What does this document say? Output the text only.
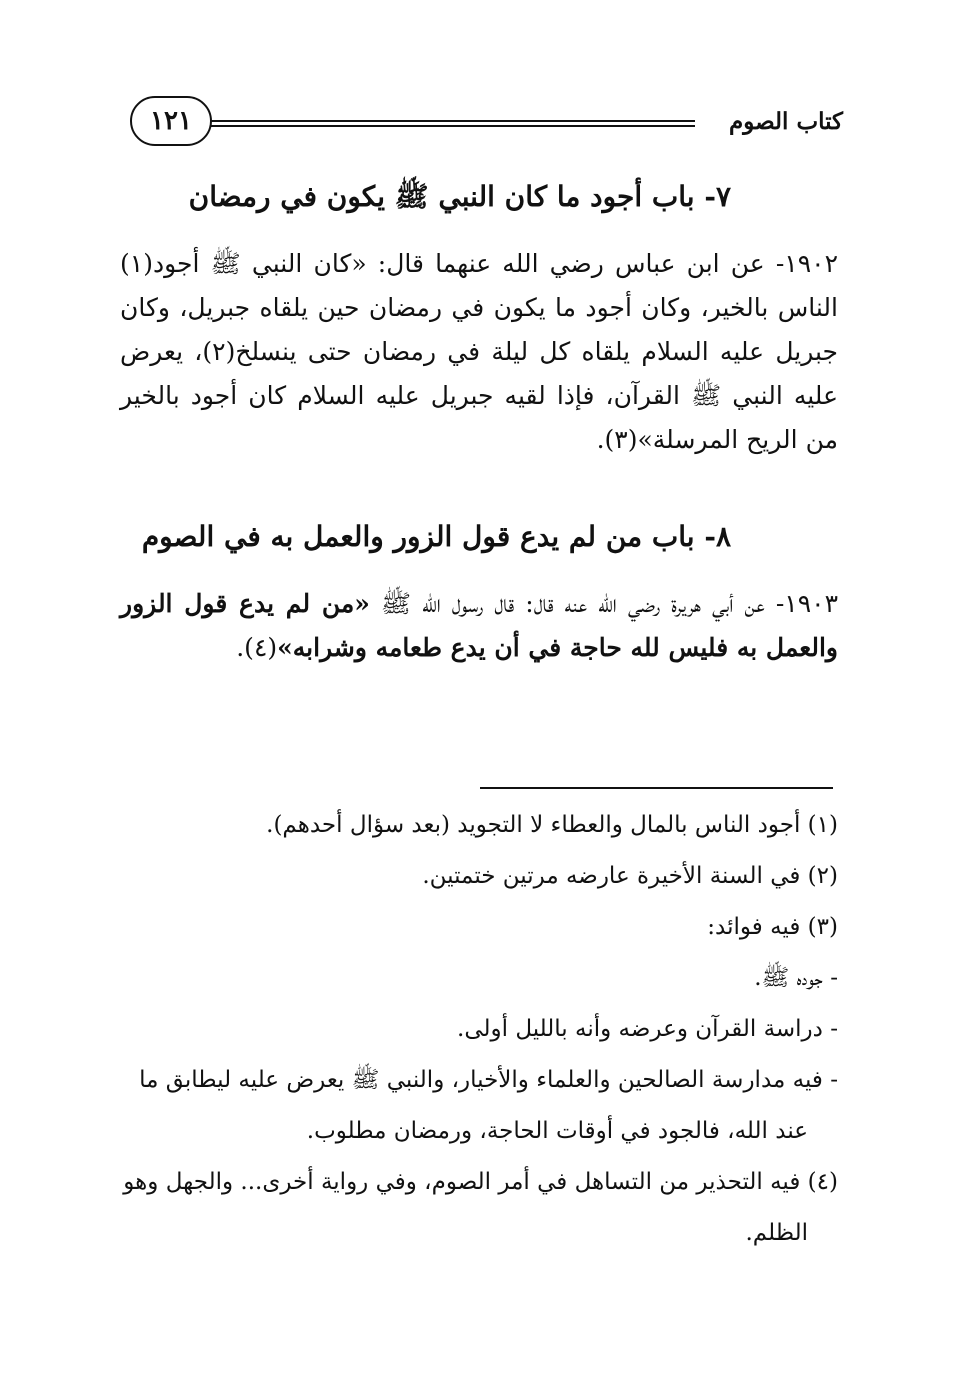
كتاب الصوم
١٢١
٧- باب أجود ما كان النبي ﷺ يكون في رمضان

١٩٠٢- عن ابن عباس رضي الله عنهما قال: «كان النبي ﷺ أجود(١) الناس بالخير، وكان أجود ما يكون في رمضان حين يلقاه جبريل، وكان جبريل عليه السلام يلقاه كل ليلة في رمضان حتى ينسلخ(٢)، يعرض عليه النبي ﷺ القرآن، فإذا لقيه جبريل عليه السلام كان أجود بالخير من الريح المرسلة»(٣).

٨- باب من لم يدع قول الزور والعمل به في الصوم

١٩٠٣- عن أبي هريرة رضي الله عنه قال: قال رسول الله ﷺ «من لم يدع قول الزور والعمل به فليس لله حاجة في أن يدع طعامه وشرابه»(٤).

(١) أجود الناس بالمال والعطاء لا التجويد (بعد سؤال أحدهم).

(٢) في السنة الأخيرة عارضه مرتين ختمتين.

(٣) فيه فوائد:

- جوده ﷺ.

- دراسة القرآن وعرضه وأنه بالليل أولى.

- فيه مدارسة الصالحين والعلماء والأخيار، والنبي ﷺ يعرض عليه ليطابق ما عند الله، فالجود في أوقات الحاجة، ورمضان مطلوب.

(٤) فيه التحذير من التساهل في أمر الصوم، وفي رواية أخرى... والجهل وهو الظلم.
